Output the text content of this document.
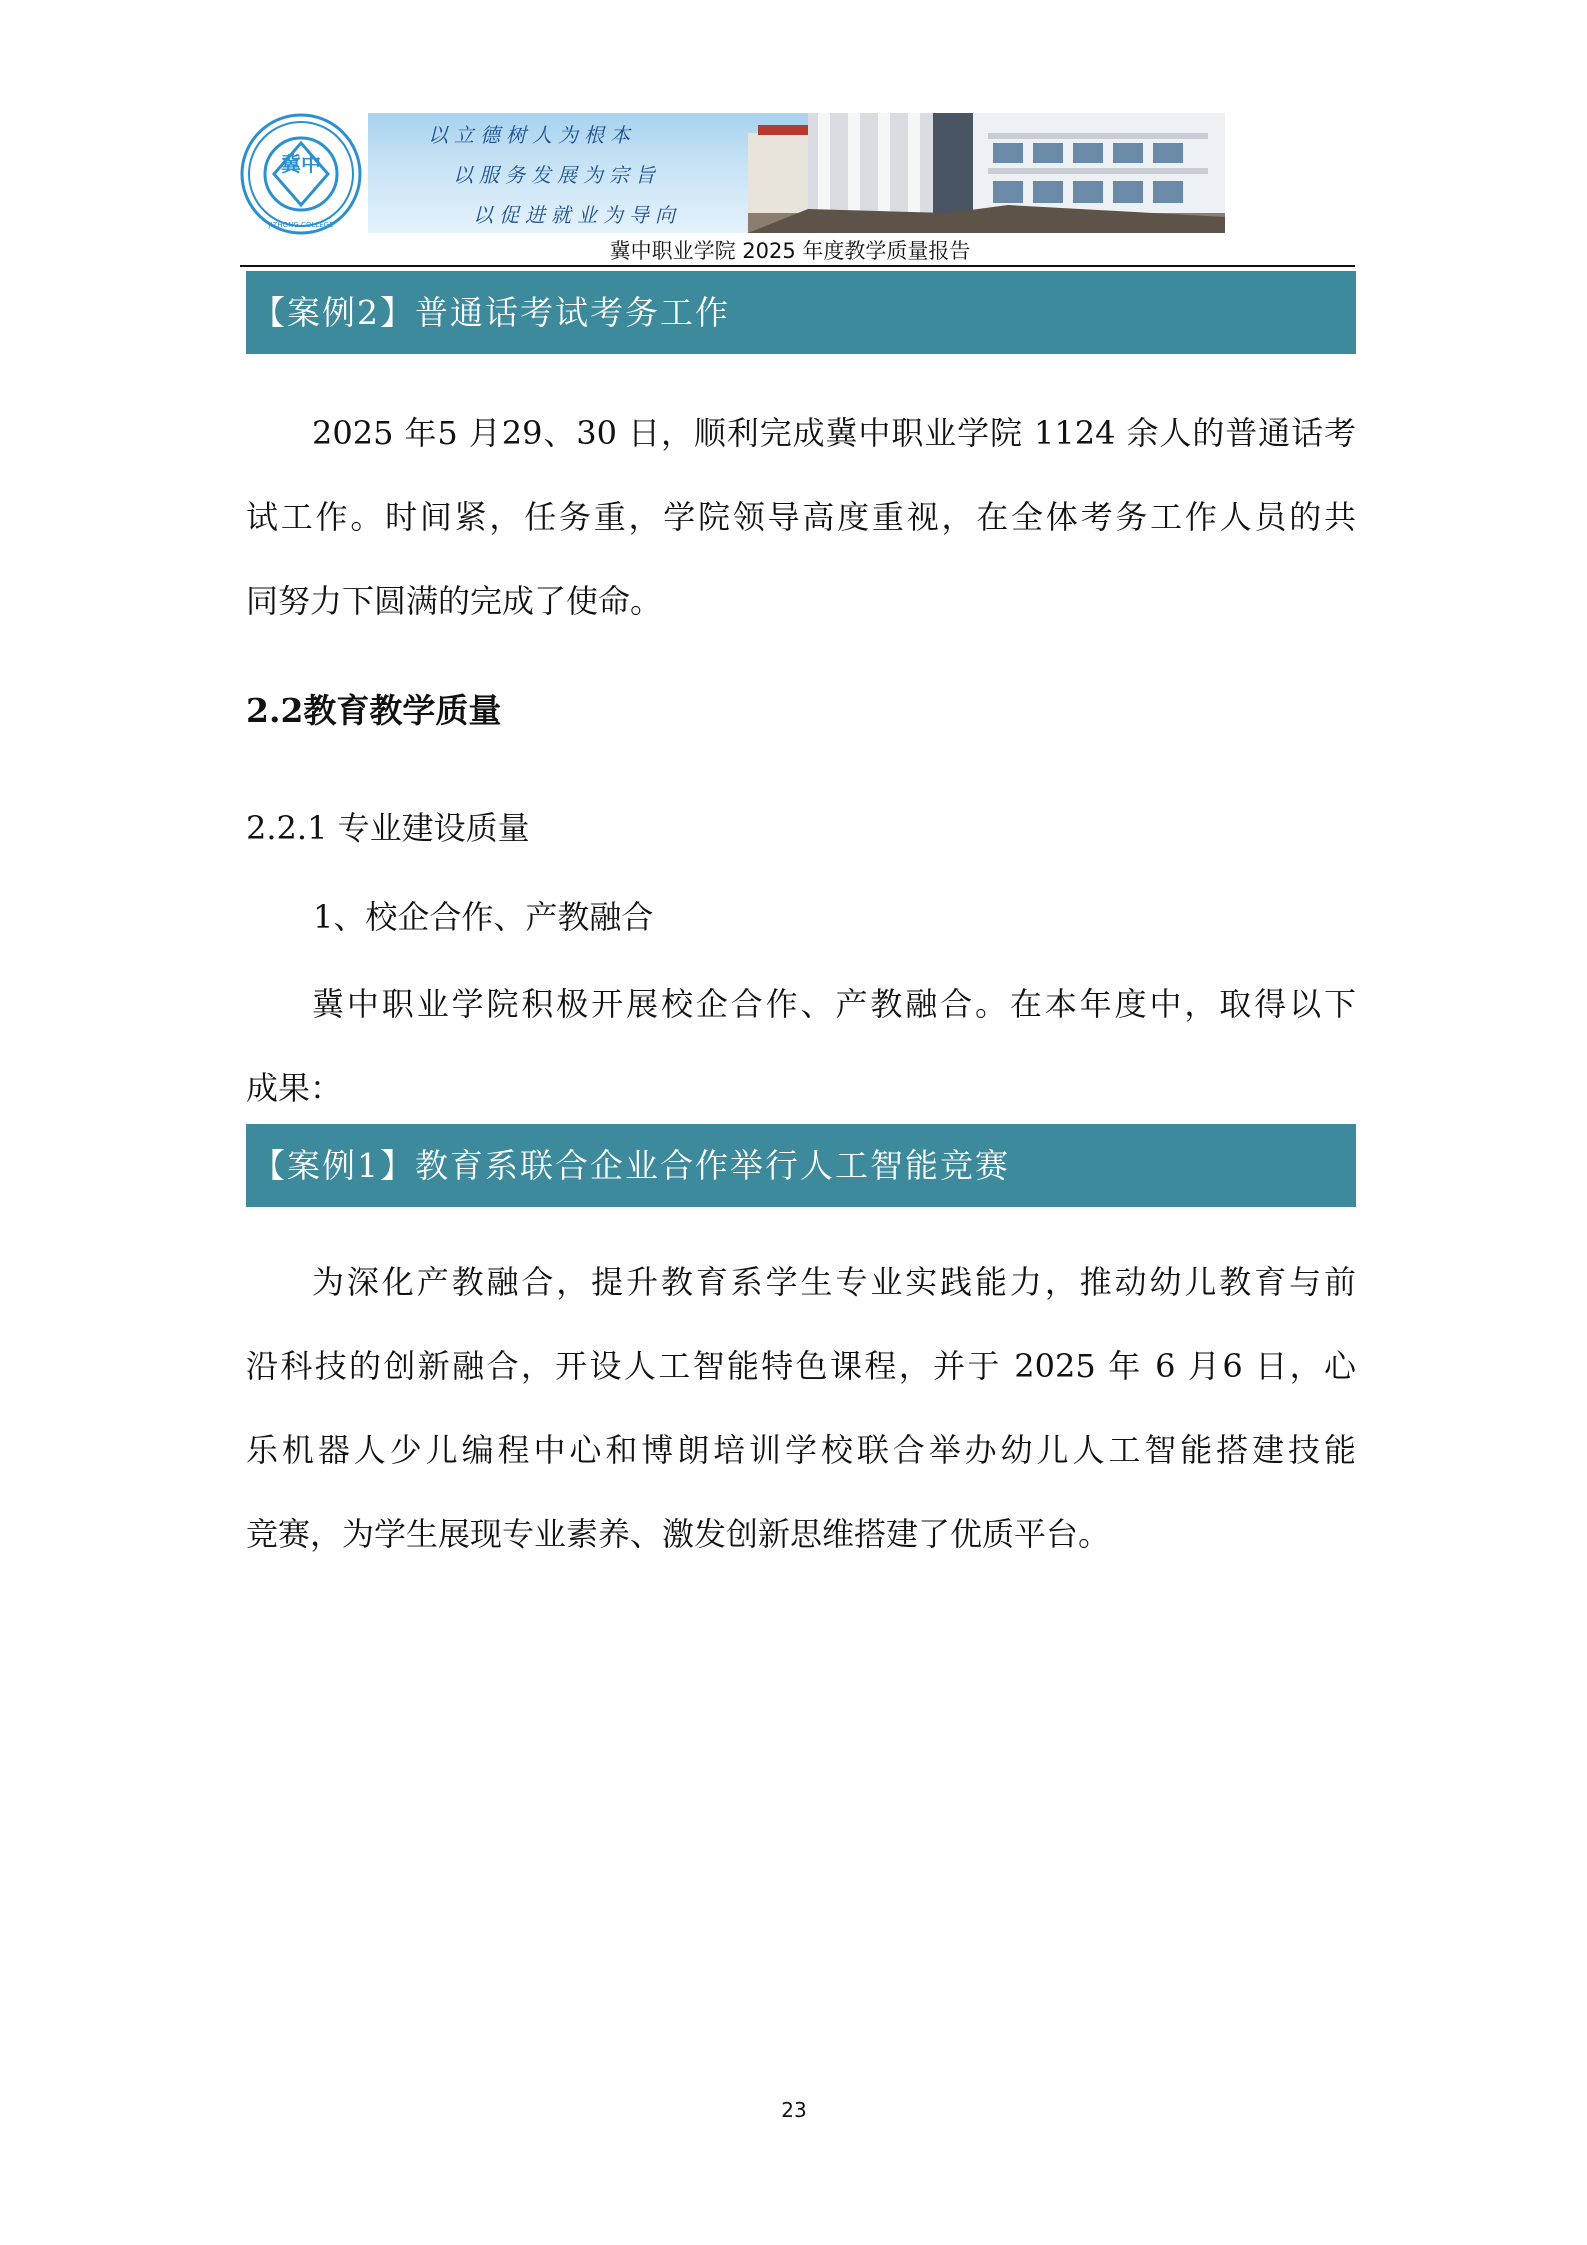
冀中
JIZHONG COLLEGE
以立德树人为根本
以服务发展为宗旨
以促进就业为导向
冀中职业学院 2025 年度教学质量报告
【案例2】普通话考试考务工作
2025 年5 月29、30 日，顺利完成冀中职业学院 1124 余人的普通话考
试工作。时间紧，任务重，学院领导高度重视，在全体考务工作人员的共
同努力下圆满的完成了使命。
2.2教育教学质量
2.2.1 专业建设质量
1、校企合作、产教融合
冀中职业学院积极开展校企合作、产教融合。在本年度中，取得以下
成果：
【案例1】教育系联合企业合作举行人工智能竞赛
为深化产教融合，提升教育系学生专业实践能力，推动幼儿教育与前
沿科技的创新融合，开设人工智能特色课程，并于 2025 年 6 月6 日，心
乐机器人少儿编程中心和博朗培训学校联合举办幼儿人工智能搭建技能
竞赛，为学生展现专业素养、激发创新思维搭建了优质平台。
23
